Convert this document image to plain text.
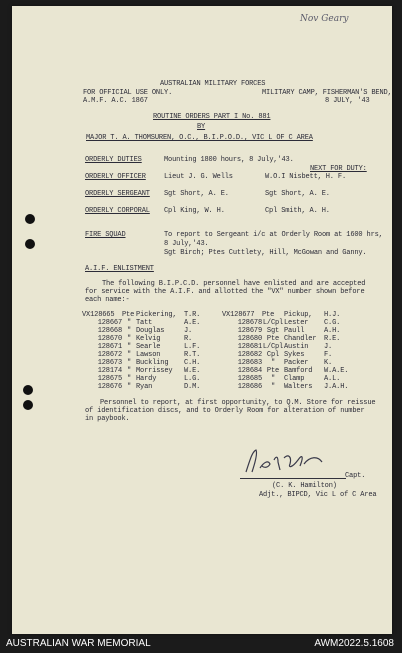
Nov Geary
AUSTRALIAN MILITARY FORCES
FOR OFFICIAL USE ONLY.	MILITARY CAMP, FISHERMAN'S BEND,
A.M.F. A.C. 1867	8 JULY, '43
ROUTINE ORDERS PART I No. 881
BY
MAJOR T. A. THOMSUREN, O.C., B.I.P.O.D., VIC L OF C AREA
ORDERLY DUTIES	Mounting 1800 hours, 8 July,'43.
NEXT FOR DUTY:
ORDERLY OFFICER	Lieut J. G. Wells	W.O.I Nisbett, H. F.
ORDERLY SERGEANT Sgt Short, A. E.	Sgt Short, A. E.
ORDERLY CORPORAL Cpl King, W. H.	Cpl Smith, A. H.
FIRE SQUAD	To report to Sergeant i/c at Orderly Room at 1600 hrs,
8 July,'43.
Sgt Birch; Ptes Cuttlety, Hill, McGowan and Ganny.
A.I.F. ENLISTMENT
The following B.I.P.C.D. personnel have enlisted and are accepted
for service with the A.I.F. and allotted the "VX" number shown before
each name:-
VX128665 Pte Pickering, T.R.
128667 " Tatt	A.E.
128668 " Douglas	J.
128670 " Kelvig	R.
128671 " Searle	L.F.
128672 " Lawson	R.T.
128673 " Buckling C.H.
128174 " Morrissey W.E.
128675 " Hardy	L.G.
128676 " Ryan	D.M.
VX128677 Pte Pickup, H.J.
128678L/CplLester C.G.
128679 Sgt Paull	A.H.
128680 Pte Chandler R.E.
128681L/CplAustin J.
128682 Cpl Sykes	F.
128683 " Packer K.
128684 Pte Bamford W.A.E.
128685 " Clamp	A.L.
128686 " Walters J.A.H.
Personnel to report, at first opportunity, to Q.M. Store for reissue
of identification discs, and to Orderly Room for alteration of number
in paybook.
Capt.
(C. K. Hamilton)
Adjt., BIPCD, Vic L of C Area
AUSTRALIAN WAR MEMORIAL	AWM2022.5.1608
